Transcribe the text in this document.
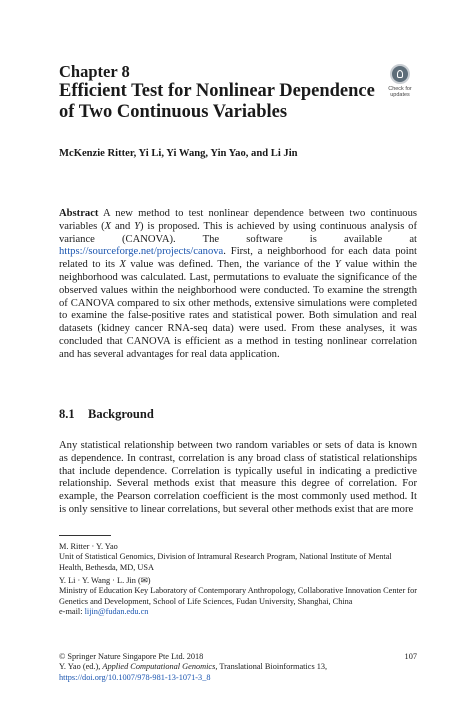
Chapter 8
Efficient Test for Nonlinear Dependence of Two Continuous Variables
Check for
updates
McKenzie Ritter, Yi Li, Yi Wang, Yin Yao, and Li Jin
Abstract A new method to test nonlinear dependence between two continuous variables (X and Y) is proposed. This is achieved by using continuous analysis of variance (CANOVA). The software is available at https://sourceforge.net/projects/canova. First, a neighborhood for each data point related to its X value was defined. Then, the variance of the Y value within the neighborhood was calculated. Last, permutations to evaluate the significance of the observed values within the neighborhood were conducted. To examine the strength of CANOVA compared to six other methods, extensive simulations were completed to examine the false-positive rates and statistical power. Both simulation and real datasets (kidney cancer RNA-seq data) were used. From these analyses, it was concluded that CANOVA is efficient as a method in testing nonlinear correlation and has several advantages for real data application.
8.1 Background
Any statistical relationship between two random variables or sets of data is known as dependence. In contrast, correlation is any broad class of statistical relationships that include dependence. Correlation is typically useful in indicating a predictive relationship. Several methods exist that measure this degree of correlation. For example, the Pearson correlation coefficient is the most commonly used method. It is only sensitive to linear correlations, but several other methods exist that are more
M. Ritter · Y. Yao
Unit of Statistical Genomics, Division of Intramural Research Program, National Institute of Mental Health, Bethesda, MD, USA
Y. Li · Y. Wang · L. Jin (✉)
Ministry of Education Key Laboratory of Contemporary Anthropology, Collaborative Innovation Center for Genetics and Development, School of Life Sciences, Fudan University, Shanghai, China
e-mail: lijin@fudan.edu.cn
© Springer Nature Singapore Pte Ltd. 2018	107
Y. Yao (ed.), Applied Computational Genomics, Translational Bioinformatics 13,
https://doi.org/10.1007/978-981-13-1071-3_8
